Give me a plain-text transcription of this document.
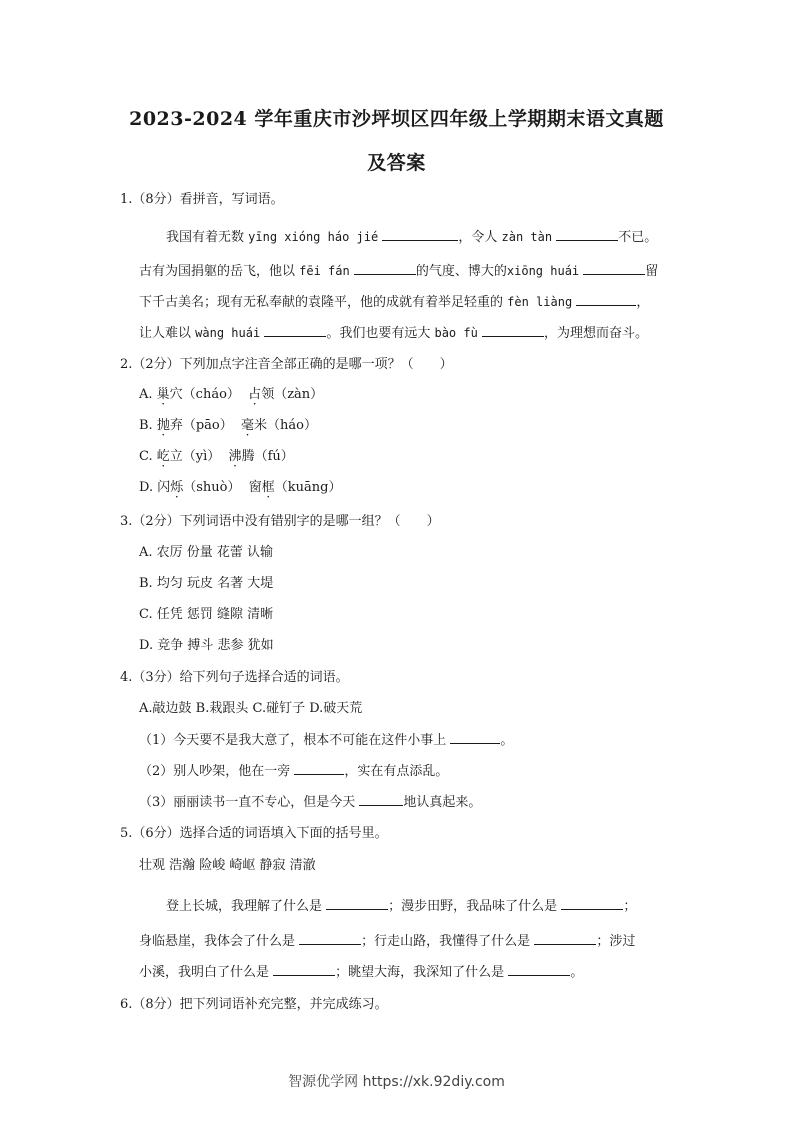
2023-2024 学年重庆市沙坪坝区四年级上学期期末语文真题
及答案
1.（8分）看拼音，写词语。
我国有着无数 yīng xióng háo jié	，令人 zàn tàn	不已。
古有为国捐躯的岳飞，他以 fēi fán	的气度、博大的xiōng huái	留
下千古美名；现有无私奉献的袁隆平，他的成就有着举足轻重的 fèn liàng	，
让人难以 wàng huái	。我们也要有远大 bào fù	，为理想而奋斗。
2.（2分）下列加点字注音全部正确的是哪一项？（　　）
A. 巢穴（cháo） 占领（zàn）
B. 抛弃（pāo） 毫米（háo）
C. 屹立（yì） 沸腾（fú）
D. 闪烁（shuò） 窗框（kuāng）
3.（2分）下列词语中没有错别字的是哪一组？（　　）
A. 农厉 份量 花蕾 认输
B. 均匀 玩皮 名著 大堤
C. 任凭 惩罚 缝隙 清晰
D. 竞争 搏斗 悲参 犹如
4.（3分）给下列句子选择合适的词语。
A.敲边鼓 B.栽跟头 C.碰钉子 D.破天荒
（1）今天要不是我大意了，根本不可能在这件小事上	。
（2）别人吵架，他在一旁	，实在有点添乱。
（3）丽丽读书一直不专心，但是今天	地认真起来。
5.（6分）选择合适的词语填入下面的括号里。
壮观 浩瀚 险峻 崎岖 静寂 清澈
登上长城，我理解了什么是	；漫步田野，我品味了什么是	；
身临悬崖，我体会了什么是	；行走山路，我懂得了什么是	；涉过
小溪，我明白了什么是	；眺望大海，我深知了什么是	。
6.（8分）把下列词语补充完整，并完成练习。
智源优学网 https://xk.92diy.com
